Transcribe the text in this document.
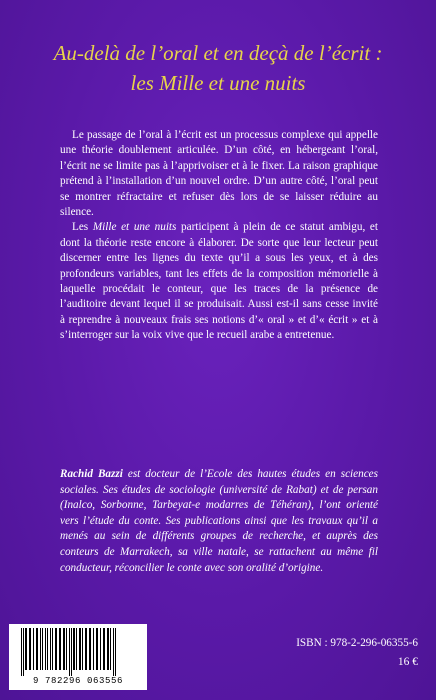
Au-delà de l’oral et en deçà de l’écrit :
les Mille et une nuits

Le passage de l’oral à l’écrit est un processus complexe qui appelle une théorie doublement articulée. D’un côté, en hébergeant l’oral, l’écrit ne se limite pas à l’apprivoiser et à le fixer. La raison graphique prétend à l’installation d’un nouvel ordre. D’un autre côté, l’oral peut se montrer réfractaire et refuser dès lors de se laisser réduire au silence.

Les Mille et une nuits participent à plein de ce statut ambigu, et dont la théorie reste encore à élaborer. De sorte que leur lecteur peut discerner entre les lignes du texte qu’il a sous les yeux, et à des profondeurs variables, tant les effets de la composition mémorielle à laquelle procédait le conteur, que les traces de la présence de l’auditoire devant lequel il se produisait. Aussi est-il sans cesse invité à reprendre à nouveaux frais ses notions d’« oral » et d’« écrit » et à s’interroger sur la voix vive que le recueil arabe a entretenue.

Rachid Bazzi est docteur de l’Ecole des hautes études en sciences sociales. Ses études de sociologie (université de Rabat) et de persan (Inalco, Sorbonne, Tarbeyat-e modarres de Téhéran), l’ont orienté vers l’étude du conte. Ses publications ainsi que les travaux qu’il a menés au sein de différents groupes de recherche, et auprès des conteurs de Marrakech, sa ville natale, se rattachent au même fil conducteur, réconcilier le conte avec son oralité d’origine.
9 782296 063556
ISBN : 978-2-296-06355-6
16 €
